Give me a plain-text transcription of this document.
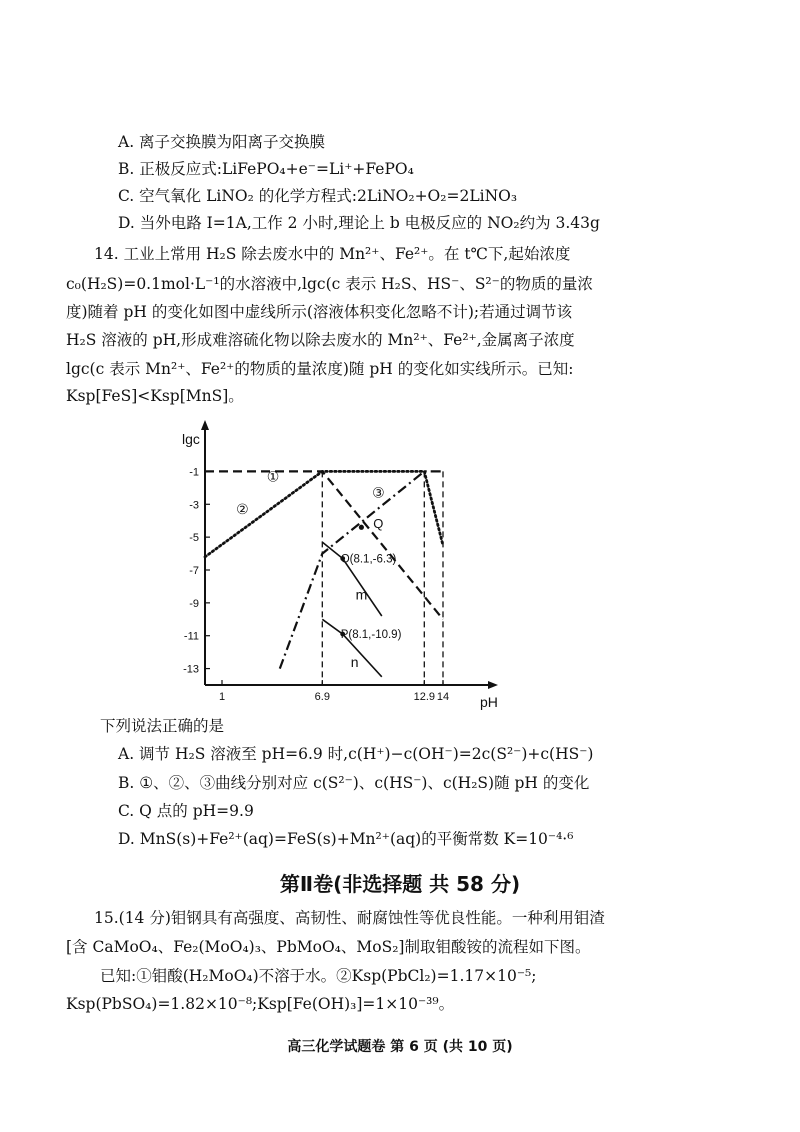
A. 离子交换膜为阳离子交换膜
B. 正极反应式:LiFePO₄+e⁻=Li⁺+FePO₄
C. 空气氧化 LiNO₂ 的化学方程式:2LiNO₂+O₂=2LiNO₃
D. 当外电路 I=1A,工作 2 小时,理论上 b 电极反应的 NO₂约为 3.43g
14. 工业上常用 H₂S 除去废水中的 Mn²⁺、Fe²⁺。在 t℃下,起始浓度
c₀(H₂S)=0.1mol·L⁻¹的水溶液中,lgc(c 表示 H₂S、HS⁻、S²⁻的物质的量浓
度)随着 pH 的变化如图中虚线所示(溶液体积变化忽略不计);若通过调节该
H₂S 溶液的 pH,形成难溶硫化物以除去废水的 Mn²⁺、Fe²⁺,金属离子浓度
lgc(c 表示 Mn²⁺、Fe²⁺的物质的量浓度)随 pH 的变化如实线所示。已知:
Ksp[FeS]<Ksp[MnS]。
-1
-3
-5
-7
-9
-11
-13
1	6.9	12.9 14
lgc
pH
①
②
③
m
n
Q
O(8.1,-6.3)
P(8.1,-10.9)
下列说法正确的是
A. 调节 H₂S 溶液至 pH=6.9 时,c(H⁺)−c(OH⁻)=2c(S²⁻)+c(HS⁻)
B. ①、②、③曲线分别对应 c(S²⁻)、c(HS⁻)、c(H₂S)随 pH 的变化
C. Q 点的 pH=9.9
D. MnS(s)+Fe²⁺(aq)=FeS(s)+Mn²⁺(aq)的平衡常数 K=10⁻⁴·⁶
第Ⅱ卷(非选择题 共 58 分)
15.(14 分)钼钢具有高强度、高韧性、耐腐蚀性等优良性能。一种利用钼渣
[含 CaMoO₄、Fe₂(MoO₄)₃、PbMoO₄、MoS₂]制取钼酸铵的流程如下图。
已知:①钼酸(H₂MoO₄)不溶于水。②Ksp(PbCl₂)=1.17×10⁻⁵;
Ksp(PbSO₄)=1.82×10⁻⁸;Ksp[Fe(OH)₃]=1×10⁻³⁹。
高三化学试题卷 第 6 页 (共 10 页)
